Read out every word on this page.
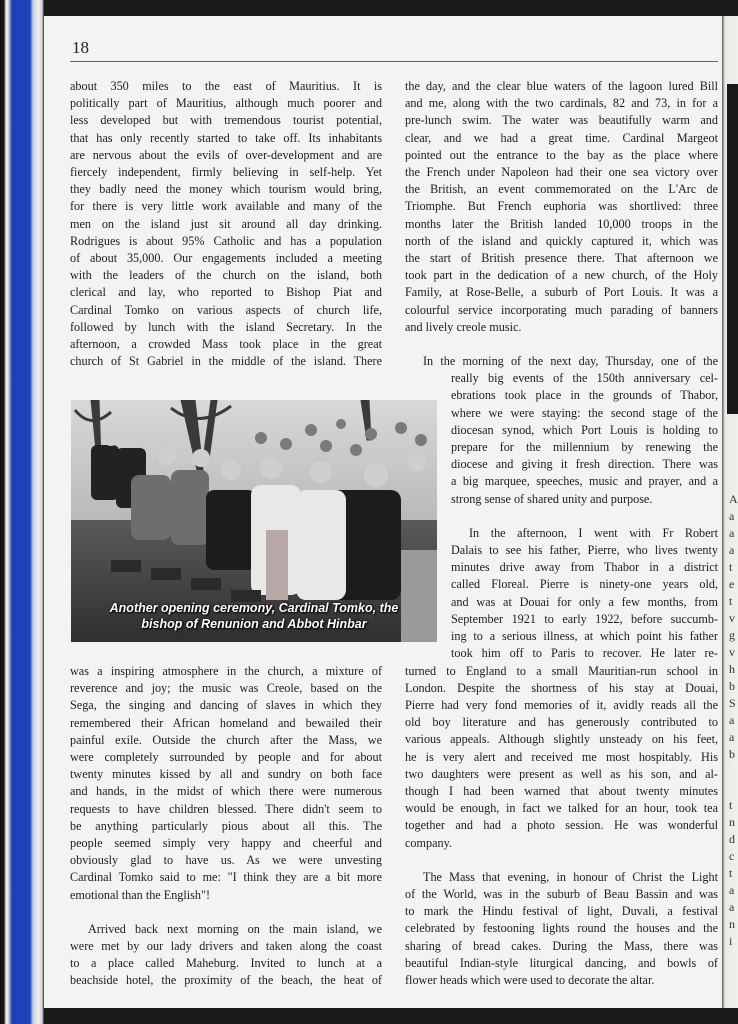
18

about 350 miles to the east of Mauritius. It is

politically part of Mauritius, although much poorer and

less developed but with tremendous tourist potential,

that has only recently started to take off. Its inhabitants

are nervous about the evils of over-development and are

fiercely independent, firmly believing in self-help. Yet

they badly need the money which tourism would bring,

for there is very little work available and many of the

men on the island just sit around all day drinking.

Rodrigues is about 95% Catholic and has a population

of about 35,000. Our engagements included a meeting

with the leaders of the church on the island, both

clerical and lay, who reported to Bishop Piat and

Cardinal Tomko on various aspects of church life,

followed by lunch with the island Secretary. In the

afternoon, a crowded Mass took place in the great

church of St Gabriel in the middle of the island. There

Another opening ceremony, Cardinal Tomko, the
bishop of Renunion and Abbot Hinbar

was a inspiring atmosphere in the church, a mixture of

reverence and joy; the music was Creole, based on the

Sega, the singing and dancing of slaves in which they

remembered their African homeland and bewailed their

painful exile. Outside the church after the Mass, we

were completely surrounded by people and for about

twenty minutes kissed by all and sundry on both face

and hands, in the midst of which there were numerous

requests to have children blessed. There didn't seem to

be anything particularly pious about all this. The

people seemed simply very happy and cheerful and

obviously glad to have us. As we were unvesting

Cardinal Tomko said to me: "I think they are a bit more

emotional than the English"!

Arrived back next morning on the main island, we

were met by our lady drivers and taken along the coast

to a place called Maheburg. Invited to lunch at a

beachside hotel, the proximity of the beach, the heat of

the day, and the clear blue waters of the lagoon lured Bill

and me, along with the two cardinals, 82 and 73, in for a

pre-lunch swim. The water was beautifully warm and

clear, and we had a great time. Cardinal Margeot

pointed out the entrance to the bay as the place where

the French under Napoleon had their one sea victory over

the British, an event commemorated on the L'Arc de

Triomphe. But French euphoria was shortlived: three

months later the British landed 10,000 troops in the

north of the island and quickly captured it, which was

the start of British presence there. That afternoon we

took part in the dedication of a new church, of the Holy

Family, at Rose-Belle, a suburb of Port Louis. It was a

colourful service incorporating much parading of banners

and lively creole music.

In the morning of the next day, Thursday, one of the

really big events of the 150th anniversary cel-

ebrations took place in the grounds of Thabor,

where we were staying: the second stage of the

diocesan synod, which Port Louis is holding to

prepare for the millennium by renewing the

diocese and giving it fresh direction. There was

a big marquee, speeches, music and prayer, and a

strong sense of shared unity and purpose.

In the afternoon, I went with Fr Robert

Dalais to see his father, Pierre, who lives twenty

minutes drive away from Thabor in a district

called Floreal. Pierre is ninety-one years old,

and was at Douai for only a few months, from

September 1921 to early 1922, before succumb-

ing to a serious illness, at which point his father

took him off to Paris to recover. He later re-

turned to England to a small Mauritian-run school in

London. Despite the shortness of his stay at Douai,

Pierre had very fond memories of it, avidly reads all the

old boy literature and has generously contributed to

various appeals. Although slightly unsteady on his feet,

he is very alert and received me most hospitably. His

two daughters were present as well as his son, and al-

though I had been warned that about twenty minutes

would be enough, in fact we talked for an hour, took tea

together and had a photo session. He was wonderful

company.

The Mass that evening, in honour of Christ the Light

of the World, was in the suburb of Beau Bassin and was

to mark the Hindu festival of light, Duvali, a festival

celebrated by festooning lights round the houses and the

sharing of bread cakes. During the Mass, there was

beautiful Indian-style liturgical dancing, and bowls of

flower heads which were used to decorate the altar.

A
a
a
a
t
e
t
v
g
v
h
b
S
a
a
b
t
n
d
c
t
a
a
n
i
